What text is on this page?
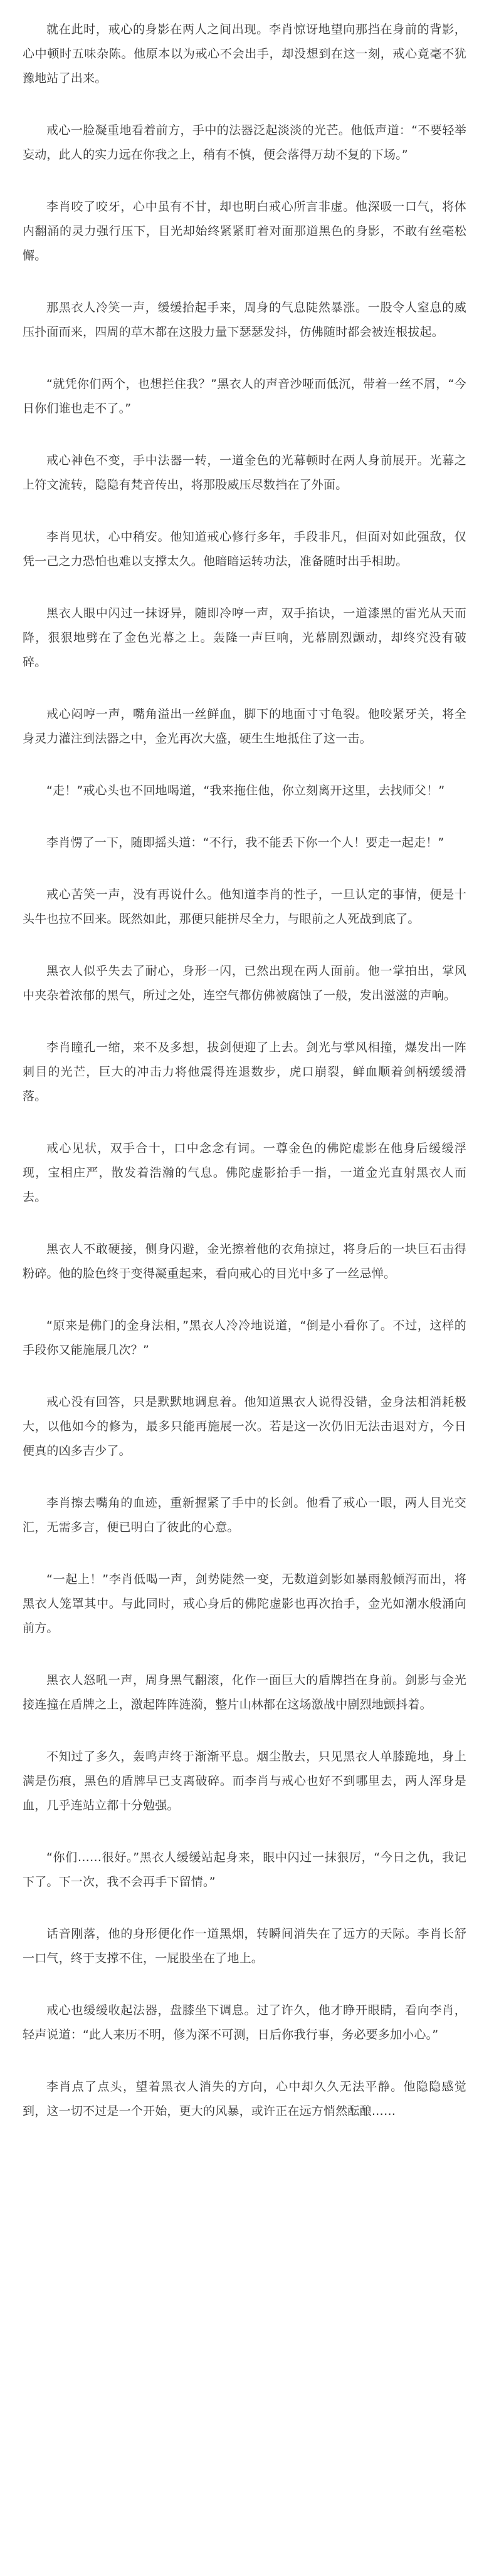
就在此时，戒心的身影在两人之间出现。李肖惊讶地望向那挡在身前的背影，心中顿时五味杂陈。他原本以为戒心不会出手，却没想到在这一刻，戒心竟毫不犹豫地站了出来。

戒心一脸凝重地看着前方，手中的法器泛起淡淡的光芒。他低声道：“不要轻举妄动，此人的实力远在你我之上，稍有不慎，便会落得万劫不复的下场。”

李肖咬了咬牙，心中虽有不甘，却也明白戒心所言非虚。他深吸一口气，将体内翻涌的灵力强行压下，目光却始终紧紧盯着对面那道黑色的身影，不敢有丝毫松懈。

那黑衣人冷笑一声，缓缓抬起手来，周身的气息陡然暴涨。一股令人窒息的威压扑面而来，四周的草木都在这股力量下瑟瑟发抖，仿佛随时都会被连根拔起。

“就凭你们两个，也想拦住我？”黑衣人的声音沙哑而低沉，带着一丝不屑，“今日你们谁也走不了。”

戒心神色不变，手中法器一转，一道金色的光幕顿时在两人身前展开。光幕之上符文流转，隐隐有梵音传出，将那股威压尽数挡在了外面。

李肖见状，心中稍安。他知道戒心修行多年，手段非凡，但面对如此强敌，仅凭一己之力恐怕也难以支撑太久。他暗暗运转功法，准备随时出手相助。

黑衣人眼中闪过一抹讶异，随即冷哼一声，双手掐诀，一道漆黑的雷光从天而降，狠狠地劈在了金色光幕之上。轰隆一声巨响，光幕剧烈颤动，却终究没有破碎。

戒心闷哼一声，嘴角溢出一丝鲜血，脚下的地面寸寸龟裂。他咬紧牙关，将全身灵力灌注到法器之中，金光再次大盛，硬生生地抵住了这一击。

“走！”戒心头也不回地喝道，“我来拖住他，你立刻离开这里，去找师父！”

李肖愣了一下，随即摇头道：“不行，我不能丢下你一个人！要走一起走！”

戒心苦笑一声，没有再说什么。他知道李肖的性子，一旦认定的事情，便是十头牛也拉不回来。既然如此，那便只能拼尽全力，与眼前之人死战到底了。

黑衣人似乎失去了耐心，身形一闪，已然出现在两人面前。他一掌拍出，掌风中夹杂着浓郁的黑气，所过之处，连空气都仿佛被腐蚀了一般，发出滋滋的声响。

李肖瞳孔一缩，来不及多想，拔剑便迎了上去。剑光与掌风相撞，爆发出一阵刺目的光芒，巨大的冲击力将他震得连退数步，虎口崩裂，鲜血顺着剑柄缓缓滑落。

戒心见状，双手合十，口中念念有词。一尊金色的佛陀虚影在他身后缓缓浮现，宝相庄严，散发着浩瀚的气息。佛陀虚影抬手一指，一道金光直射黑衣人而去。

黑衣人不敢硬接，侧身闪避，金光擦着他的衣角掠过，将身后的一块巨石击得粉碎。他的脸色终于变得凝重起来，看向戒心的目光中多了一丝忌惮。

“原来是佛门的金身法相，”黑衣人冷冷地说道，“倒是小看你了。不过，这样的手段你又能施展几次？”

戒心没有回答，只是默默地调息着。他知道黑衣人说得没错，金身法相消耗极大，以他如今的修为，最多只能再施展一次。若是这一次仍旧无法击退对方，今日便真的凶多吉少了。

李肖擦去嘴角的血迹，重新握紧了手中的长剑。他看了戒心一眼，两人目光交汇，无需多言，便已明白了彼此的心意。

“一起上！”李肖低喝一声，剑势陡然一变，无数道剑影如暴雨般倾泻而出，将黑衣人笼罩其中。与此同时，戒心身后的佛陀虚影也再次抬手，金光如潮水般涌向前方。

黑衣人怒吼一声，周身黑气翻滚，化作一面巨大的盾牌挡在身前。剑影与金光接连撞在盾牌之上，激起阵阵涟漪，整片山林都在这场激战中剧烈地颤抖着。

不知过了多久，轰鸣声终于渐渐平息。烟尘散去，只见黑衣人单膝跪地，身上满是伤痕，黑色的盾牌早已支离破碎。而李肖与戒心也好不到哪里去，两人浑身是血，几乎连站立都十分勉强。

“你们……很好。”黑衣人缓缓站起身来，眼中闪过一抹狠厉，“今日之仇，我记下了。下一次，我不会再手下留情。”

话音刚落，他的身形便化作一道黑烟，转瞬间消失在了远方的天际。李肖长舒一口气，终于支撑不住，一屁股坐在了地上。

戒心也缓缓收起法器，盘膝坐下调息。过了许久，他才睁开眼睛，看向李肖，轻声说道：“此人来历不明，修为深不可测，日后你我行事，务必要多加小心。”

李肖点了点头，望着黑衣人消失的方向，心中却久久无法平静。他隐隐感觉到，这一切不过是一个开始，更大的风暴，或许正在远方悄然酝酿……
